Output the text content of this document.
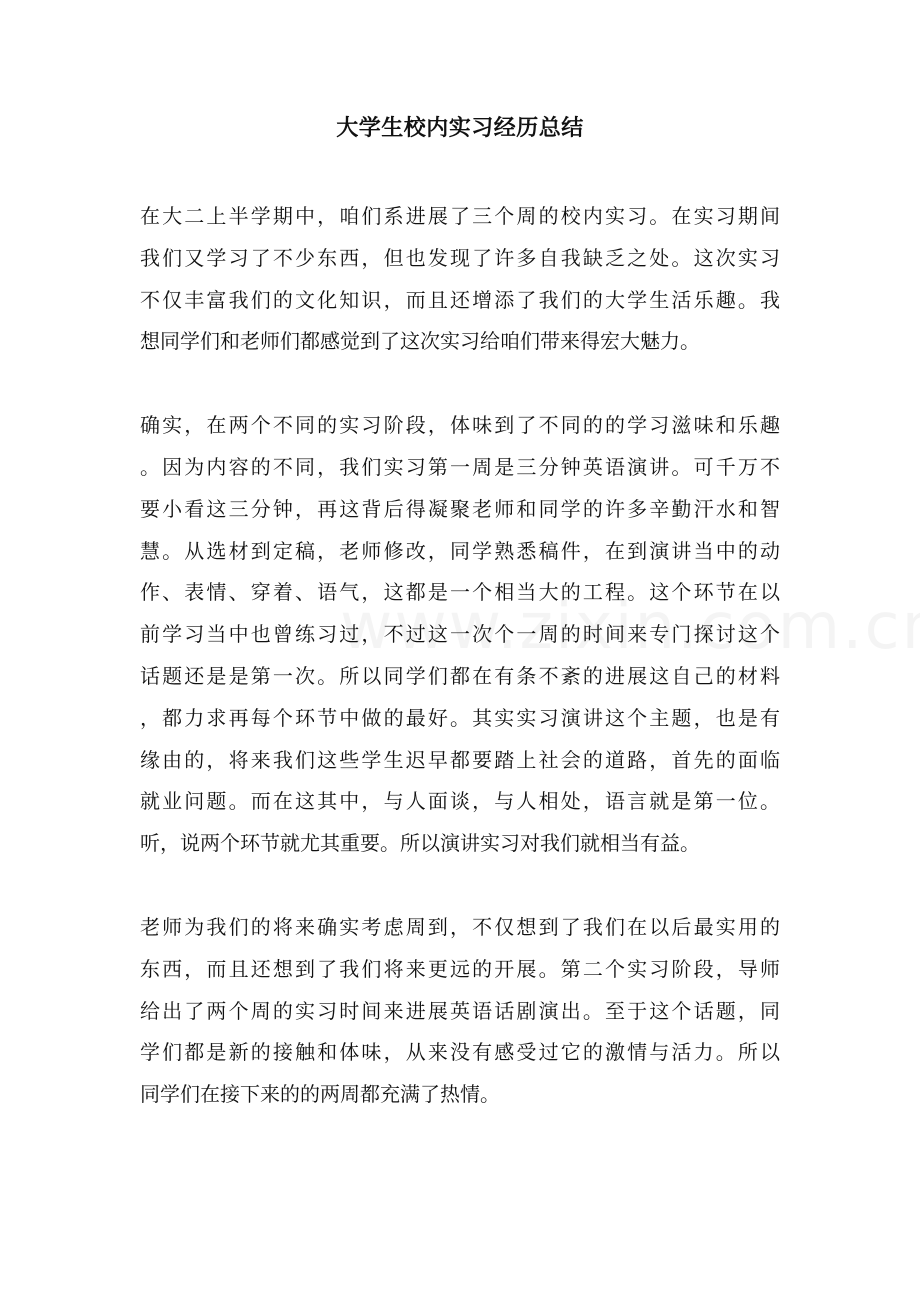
大学生校内实习经历总结
在大二上半学期中，咱们系进展了三个周的校内实习。在实习期间
我们又学习了不少东西，但也发现了许多自我缺乏之处。这次实习
不仅丰富我们的文化知识，而且还增添了我们的大学生活乐趣。我
想同学们和老师们都感觉到了这次实习给咱们带来得宏大魅力。
确实，在两个不同的实习阶段，体味到了不同的的学习滋味和乐趣
。因为内容的不同，我们实习第一周是三分钟英语演讲。可千万不
要小看这三分钟，再这背后得凝聚老师和同学的许多辛勤汗水和智
慧。从选材到定稿，老师修改，同学熟悉稿件，在到演讲当中的动
作、表情、穿着、语气，这都是一个相当大的工程。这个环节在以
前学习当中也曾练习过，不过这一次个一周的时间来专门探讨这个
话题还是是第一次。所以同学们都在有条不紊的进展这自己的材料
，都力求再每个环节中做的最好。其实实习演讲这个主题，也是有
缘由的，将来我们这些学生迟早都要踏上社会的道路，首先的面临
就业问题。而在这其中，与人面谈，与人相处，语言就是第一位。
听，说两个环节就尤其重要。所以演讲实习对我们就相当有益。
老师为我们的将来确实考虑周到，不仅想到了我们在以后最实用的
东西，而且还想到了我们将来更远的开展。第二个实习阶段，导师
给出了两个周的实习时间来进展英语话剧演出。至于这个话题，同
学们都是新的接触和体味，从来没有感受过它的激情与活力。所以
同学们在接下来的的两周都充满了热情。
